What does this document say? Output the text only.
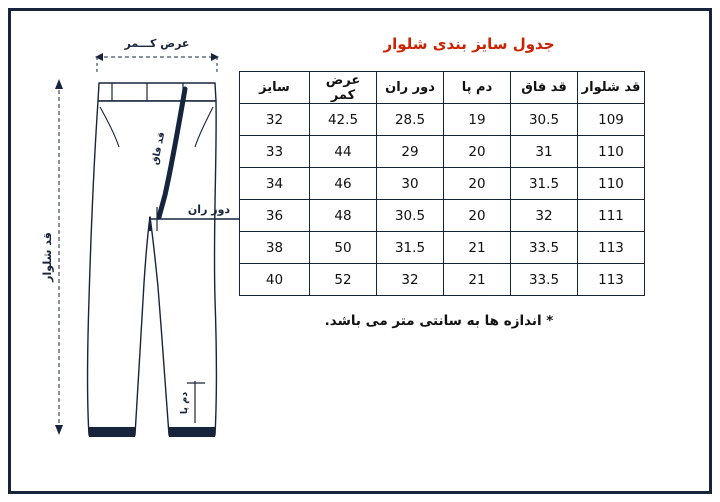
جدول سایز بندی شلوار
عرض کـــمر
قد شلوار
قد فاق
دور ران
دم پا
قد شلوار	قد فاق	دم پا	دور ران	عرض کمر	سایز
109	30.5	19	28.5	42.5	32
110	31	20	29	44	33
110	31.5	20	30	46	34
111	32	20	30.5	48	36
113	33.5	21	31.5	50	38
113	33.5	21	32	52	40
* اندازه ها به سانتی متر می باشد.
